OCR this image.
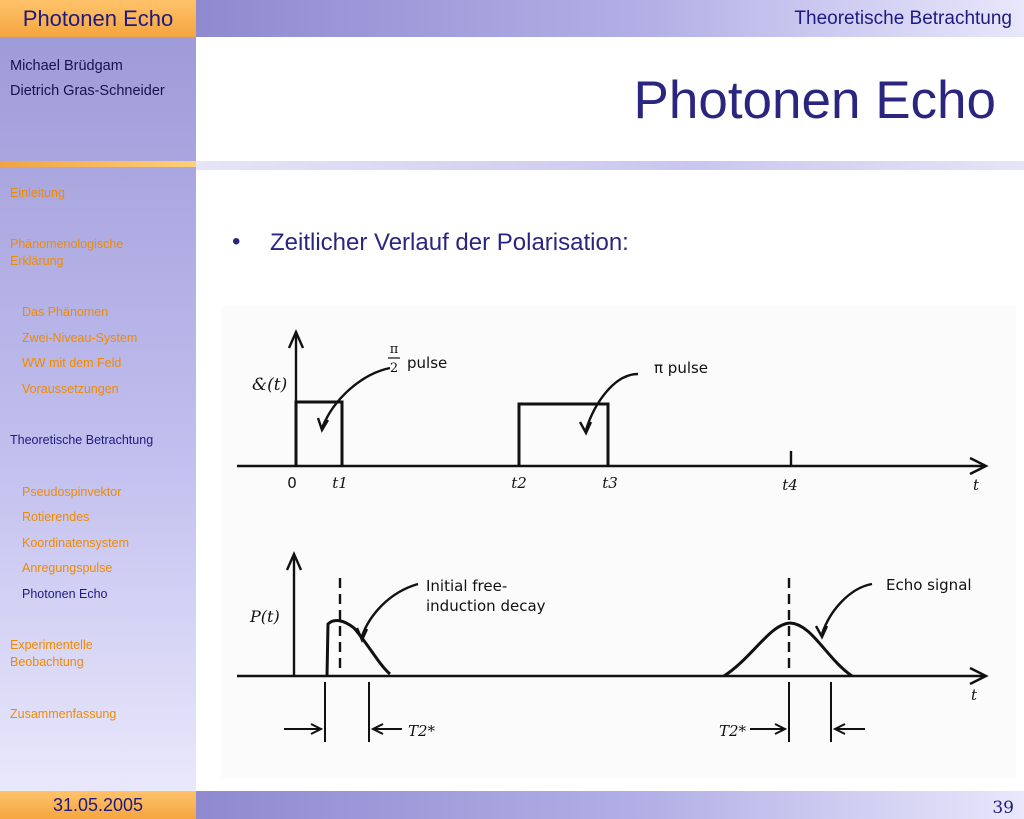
Photonen Echo	Theoretische Betrachtung
Michael Brüdgam
Dietrich Gras-Schneider
Einleitung
Phänomenologische Erklärung
Das Phänomen
Zwei-Niveau-System
WW mit dem Feld
Voraussetzungen
Theoretische Betrachtung
Pseudospinvektor
Rotierendes
Koordinatensystem
Anregungspulse
Photonen Echo
Experimentelle Beobachtung
Zusammenfassung
Photonen Echo
• Zeitlicher Verlauf der Polarisation:
&(t)
π
2 pulse	π pulse
0 t1	t2	t3	t4	t
P(t)
Initial free-
induction decay
Echo signal
t
T2*	T2*
31.05.2005	39
